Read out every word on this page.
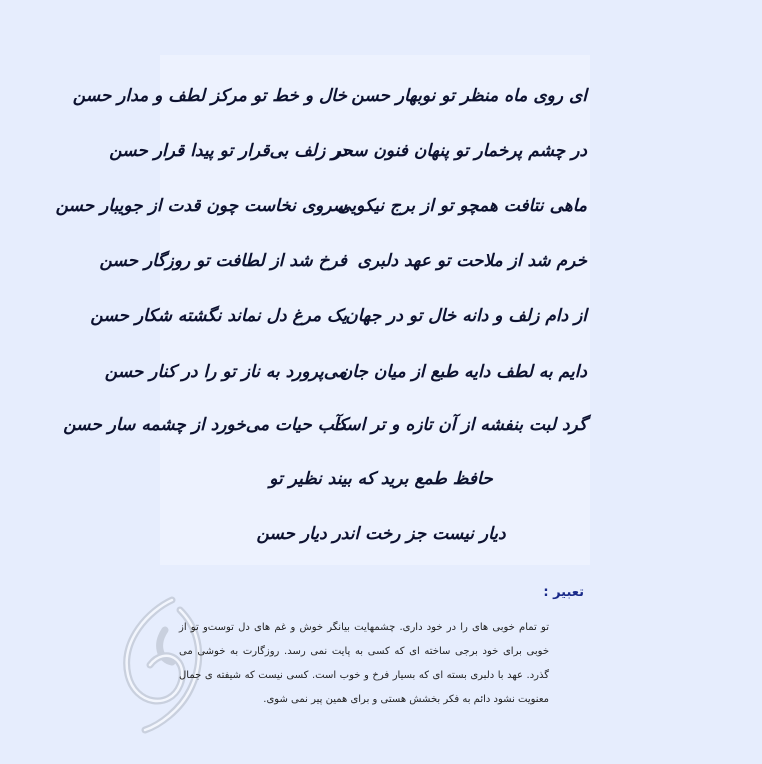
ای روی ماه منظر تو نوبهار حسن
خال و خط تو مرکز لطف و مدار حسن
در چشم پرخمار تو پنهان فنون سحر
در زلف بی‌قرار تو پیدا قرار حسن
ماهی نتافت همچو تو از برج نیکویی
سروی نخاست چون قدت از جویبار حسن
خرم شد از ملاحت تو عهد دلبری
فرخ شد از لطافت تو روزگار حسن
از دام زلف و دانه خال تو در جهان
یک مرغ دل نماند نگشته شکار حسن
دایم به لطف دایه طبع از میان جان
می‌پرورد به ناز تو را در کنار حسن
گرد لبت بنفشه از آن تازه و تر است
کآب حیات می‌خورد از چشمه سار حسن
حافظ طمع برید که بیند نظیر تو
دیار نیست جز رخت اندر دیار حسن
تعبیر :
تو تمام خوبی های را در خود داری. چشمهایت بیانگر خوش و غم های دل توست‌و تو از خوبی برای خود برجی ساخته ای که کسی به پایت نمی رسد. روزگارت به خوشی می گذرد. عهد با دلبری بسته ای که بسیار فرخ و خوب است. کسی نیست که شیفته ی جمال معنویت نشود دائم به فکر بخشش هستی و برای همین پیر نمی شوی.
